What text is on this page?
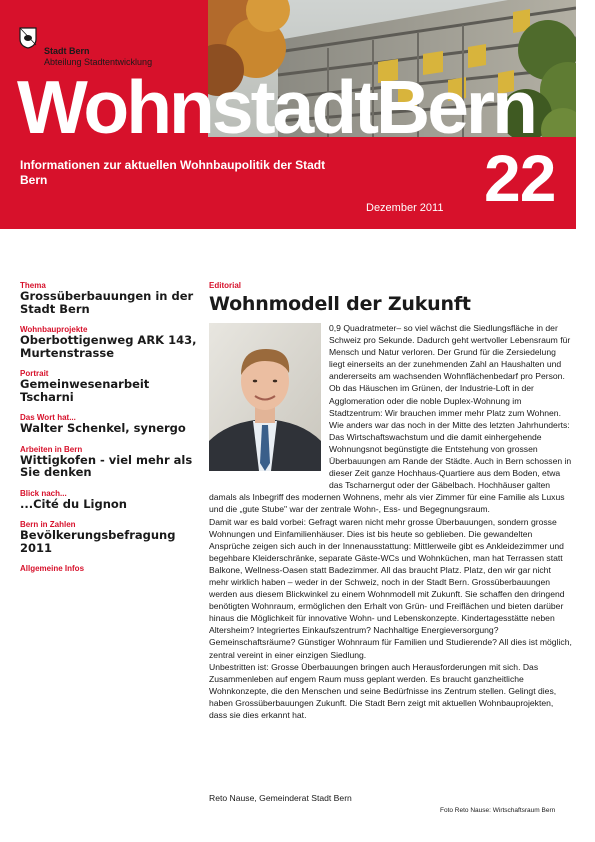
Stadt Bern
Abteilung Stadtentwicklung
WohnstadtBern
Informationen zur aktuellen Wohnbaupolitik der Stadt Bern	22
Dezember 2011
Thema
Grossüberbauungen in der Stadt Bern
Wohnbauprojekte
Oberbottigenweg ARK 143, Murtenstrasse
Portrait
Gemeinwesenarbeit Tscharni
Das Wort hat...
Walter Schenkel, synergo
Arbeiten in Bern
Wittigkofen - viel mehr als Sie denken
Blick nach...
...Cité du Lignon
Bern in Zahlen
Bevölkerungsbefragung 2011
Allgemeine Infos
Editorial
Wohnmodell der Zukunft

0,9 Quadratmeter– so viel wächst die Siedlungsfläche in der Schweiz pro Sekunde. Dadurch geht wertvoller Lebensraum für Mensch und Natur verloren. Der Grund für die Zersiedelung liegt einerseits an der zunehmenden Zahl an Haushalten und andererseits am wachsenden Wohnflächenbedarf pro Person. Ob das Häuschen im Grünen, der Industrie-Loft in der Agglomeration oder die noble Duplex-Wohnung im Stadtzentrum: Wir brauchen immer mehr Platz zum Wohnen.

Wie anders war das noch in der Mitte des letzten Jahrhunderts: Das Wirtschaftswachstum und die damit einhergehende Wohnungsnot begünstigte die Entstehung von grossen Überbauungen am Rande der Städte. Auch in Bern schossen in dieser Zeit ganze Hochhaus-Quartiere aus dem Boden, etwa das Tscharnergut oder der Gäbelbach. Hochhäuser galten damals als Inbegriff des modernen Wohnens, mehr als vier Zimmer für eine Familie als Luxus und die „gute Stube" war der zentrale Wohn-, Ess- und Begegnungsraum.

Damit war es bald vorbei: Gefragt waren nicht mehr grosse Überbauungen, sondern grosse Wohnungen und Einfamilienhäuser. Dies ist bis heute so geblieben. Die gewandelten Ansprüche zeigen sich auch in der Innenausstattung: Mittlerweile gibt es Ankleidezimmer und begehbare Kleiderschränke, separate Gäste-WCs und Wohnküchen, man hat Terrassen statt Balkone, Wellness-Oasen statt Badezimmer. All das braucht Platz. Platz, den wir gar nicht mehr wirklich haben – weder in der Schweiz, noch in der Stadt Bern. Grossüberbauungen werden aus diesem Blickwinkel zu einem Wohnmodell mit Zukunft. Sie schaffen den dringend benötigten Wohnraum, ermöglichen den Erhalt von Grün- und Freiflächen und bieten darüber hinaus die Möglichkeit für innovative Wohn- und Lebenskonzepte. Kindertagesstätte neben Altersheim? Integriertes Einkaufszentrum? Nachhaltige Energieversorgung? Gemeinschaftsräume? Günstiger Wohnraum für Familien und Studierende? All dies ist möglich, zentral vereint in einer einzigen Siedlung.

Unbestritten ist: Grosse Überbauungen bringen auch Herausforderungen mit sich. Das Zusammenleben auf engem Raum muss geplant werden. Es braucht ganzheitliche Wohnkonzepte, die den Menschen und seine Bedürfnisse ins Zentrum stellen. Gelingt dies, haben Grossüberbauungen Zukunft. Die Stadt Bern zeigt mit aktuellen Wohnbauprojekten, dass sie dies erkannt hat.

Reto Nause, Gemeinderat Stadt Bern
Foto Reto Nause: Wirtschaftsraum Bern
